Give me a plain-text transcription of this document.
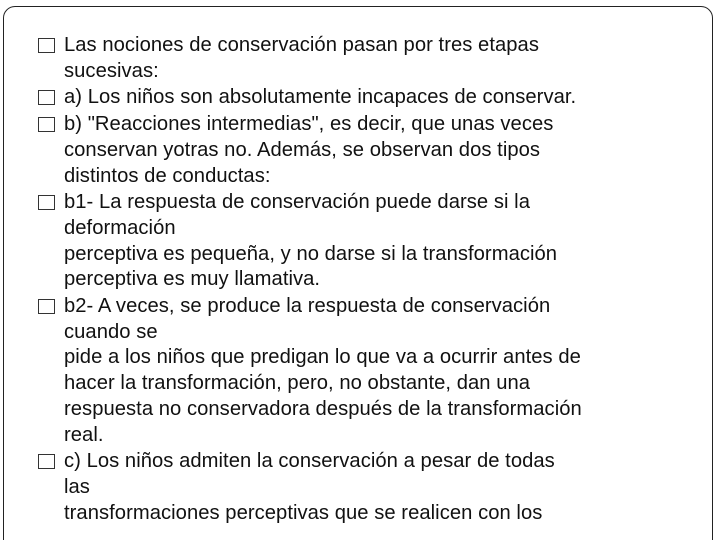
Las nociones de conservación pasan por tres etapas
sucesivas:
a) Los niños son absolutamente incapaces de conservar.
b) "Reacciones intermedias", es decir, que unas veces
conservan yotras no. Además, se observan dos tipos
distintos de conductas:
b1- La respuesta de conservación puede darse si la
deformación
perceptiva es pequeña, y no darse si la transformación
perceptiva es muy llamativa.
b2- A veces, se produce la respuesta de conservación
cuando se
pide a los niños que predigan lo que va a ocurrir antes de
hacer la transformación, pero, no obstante, dan una
respuesta no conservadora después de la transformación
real.
c) Los niños admiten la conservación a pesar de todas
las
transformaciones perceptivas que se realicen con los
